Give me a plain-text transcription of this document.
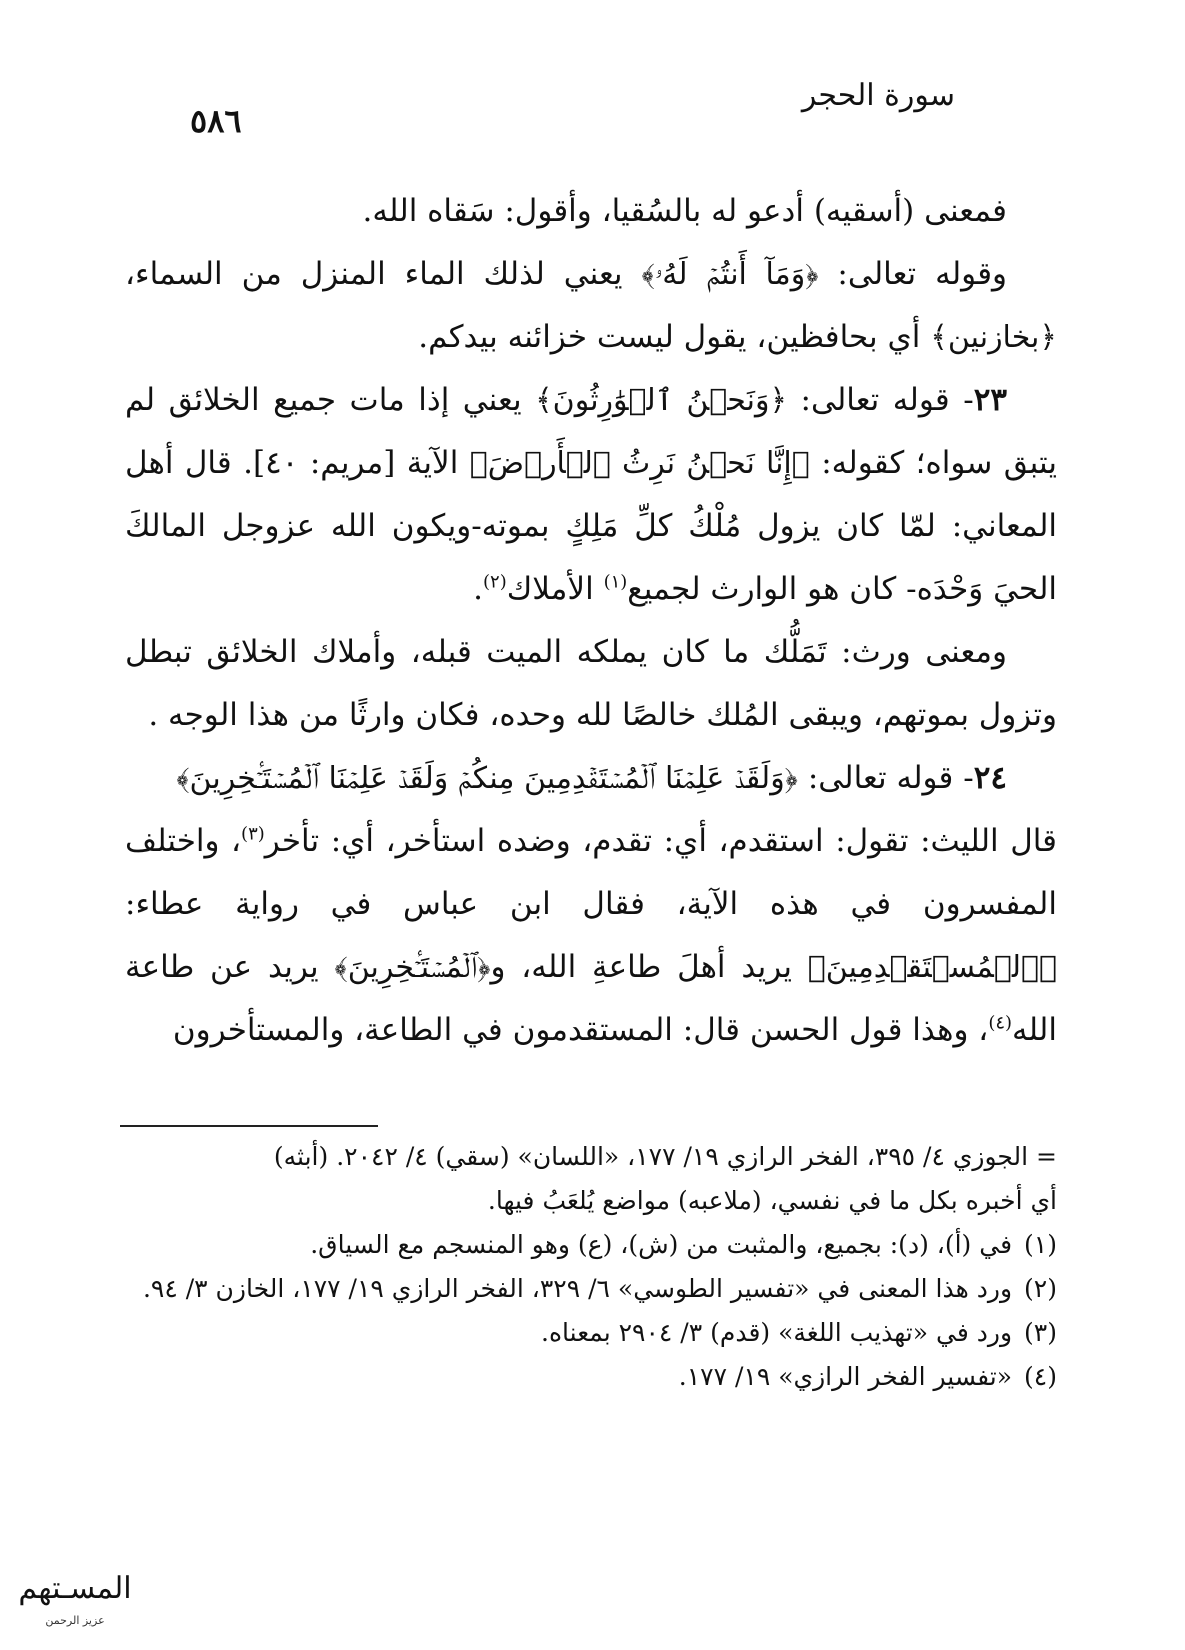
سورة الحجر
٥٨٦

فمعنى (أسقيه) أدعو له بالسُقيا، وأقول: سَقاه الله.

وقوله تعالى: ﴿وَمَآ أَنتُمۡ لَهُۥ﴾ يعني لذلك الماء المنزل من السماء، ﴿بخازنين﴾ أي بحافظين، يقول ليست خزائنه بيدكم.

٢٣- قوله تعالى: ﴿وَنَحۡنُ ٱلۡوَٰرِثُونَ﴾ يعني إذا مات جميع الخلائق لم يتبق سواه؛ كقوله: ﴿إِنَّا نَحۡنُ نَرِثُ ٱلۡأَرۡضَ﴾ الآية [مريم: ٤٠]. قال أهل المعاني: لمّا كان يزول مُلْكُ كلِّ مَلِكٍ بموته-ويكون الله عزوجل المالكَ الحيَ وَحْدَه- كان هو الوارث لجميع$^{(١)}$ الأملاك$^{(٢)}$.

ومعنى ورث: تَمَلُّك ما كان يملكه الميت قبله، وأملاك الخلائق تبطل وتزول بموتهم، ويبقى المُلك خالصًا لله وحده، فكان وارثًا من هذا الوجه .

٢٤- قوله تعالى: ﴿وَلَقَدۡ عَلِمۡنَا ٱلۡمُسۡتَقۡدِمِينَ مِنكُمۡ وَلَقَدۡ عَلِمۡنَا ٱلۡمُسۡتَـٔۡخِرِينَ﴾

قال الليث: تقول: استقدم، أي: تقدم، وضده استأخر، أي: تأخر$^{(٣)}$، واختلف المفسرون في هذه الآية، فقال ابن عباس في رواية عطاء: ﴿ٱلۡمُسۡتَقۡدِمِينَ﴾ يريد أهلَ طاعةِ الله، و﴿ٱلۡمُسۡتَـٔۡخِرِينَ﴾ يريد عن طاعة الله$^{(٤)}$، وهذا قول الحسن قال: المستقدمون في الطاعة، والمستأخرون

= الجوزي ٤/ ٣٩٥، الفخر الرازي ١٩/ ١٧٧، «اللسان» (سقي) ٤/ ٢٠٤٢. (أبثه)

أي أخبره بكل ما في نفسي، (ملاعبه) مواضع يُلعَبُ فيها.

(١)
في (أ)، (د): بجميع، والمثبت من (ش)، (ع) وهو المنسجم مع السياق.
(٢)
ورد هذا المعنى في «تفسير الطوسي» ٦/ ٣٢٩، الفخر الرازي ١٩/ ١٧٧، الخازن ٣/ ٩٤.
(٣)
ورد في «تهذيب اللغة» (قدم) ٣/ ٢٩٠٤ بمعناه.
(٤)
«تفسير الفخر الرازي» ١٩/ ١٧٧.
المسـتهم
عزيز الرحمن
